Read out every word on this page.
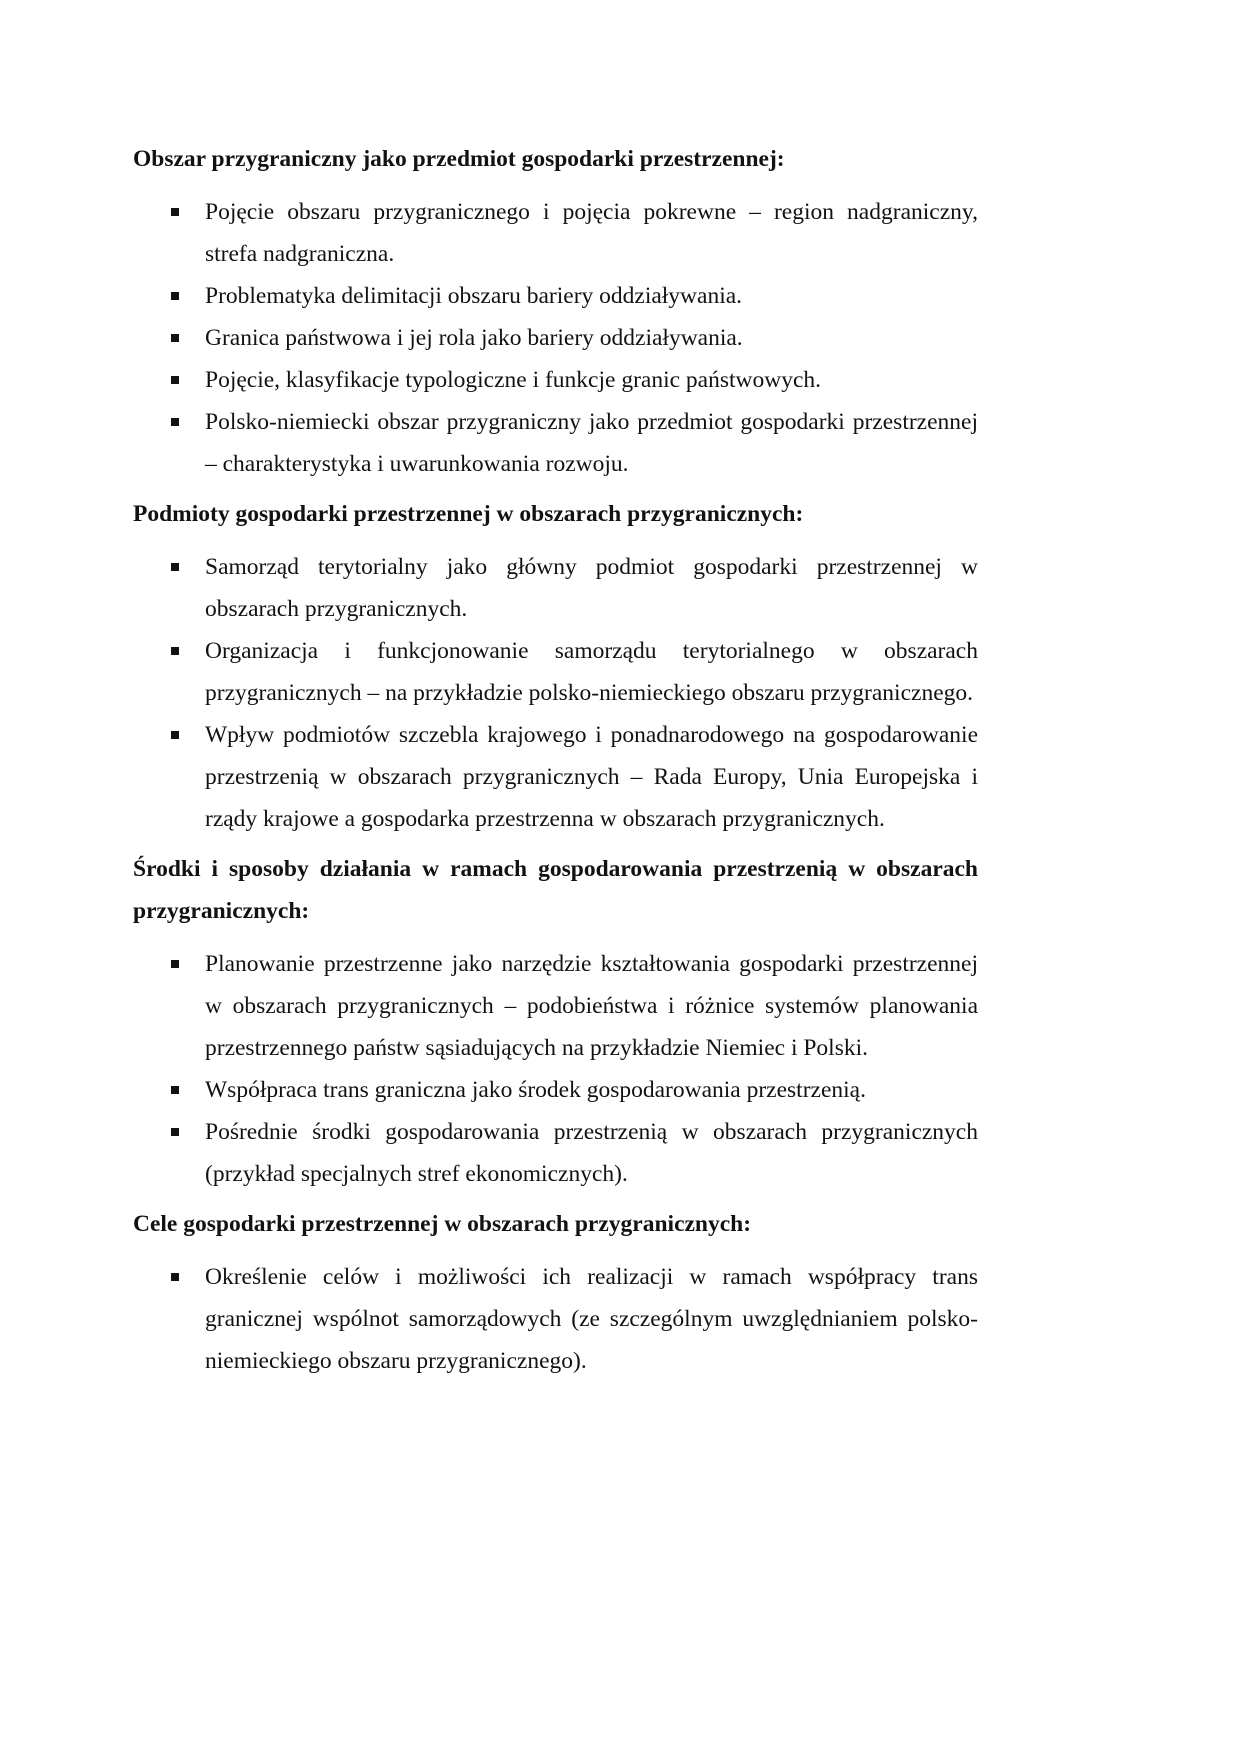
Obszar przygraniczny jako przedmiot gospodarki przestrzennej:

Pojęcie obszaru przygranicznego i pojęcia pokrewne – region nadgraniczny, strefa nadgraniczna.
Problematyka delimitacji obszaru bariery oddziaływania.
Granica państwowa i jej rola jako bariery oddziaływania.
Pojęcie, klasyfikacje typologiczne i funkcje granic państwowych.
Polsko-niemiecki obszar przygraniczny jako przedmiot gospodarki przestrzennej – charakterystyka i uwarunkowania rozwoju.

Podmioty gospodarki przestrzennej w obszarach przygranicznych:

Samorząd terytorialny jako główny podmiot gospodarki przestrzennej w obszarach przygranicznych.
Organizacja i funkcjonowanie samorządu terytorialnego w obszarach przygranicznych – na przykładzie polsko-niemieckiego obszaru przygranicznego.
Wpływ podmiotów szczebla krajowego i ponadnarodowego na gospodarowanie przestrzenią w obszarach przygranicznych – Rada Europy, Unia Europejska i rządy krajowe a gospodarka przestrzenna w obszarach przygranicznych.

Środki i sposoby działania w ramach gospodarowania przestrzenią w obszarach przygranicznych:

Planowanie przestrzenne jako narzędzie kształtowania gospodarki przestrzennej w obszarach przygranicznych – podobieństwa i różnice systemów planowania przestrzennego państw sąsiadujących na przykładzie Niemiec i Polski.
Współpraca trans graniczna jako środek gospodarowania przestrzenią.
Pośrednie środki gospodarowania przestrzenią w obszarach przygranicznych (przykład specjalnych stref ekonomicznych).

Cele gospodarki przestrzennej w obszarach przygranicznych:

Określenie celów i możliwości ich realizacji w ramach współpracy trans granicznej wspólnot samorządowych (ze szczególnym uwzględnianiem polsko-niemieckiego obszaru przygranicznego).
